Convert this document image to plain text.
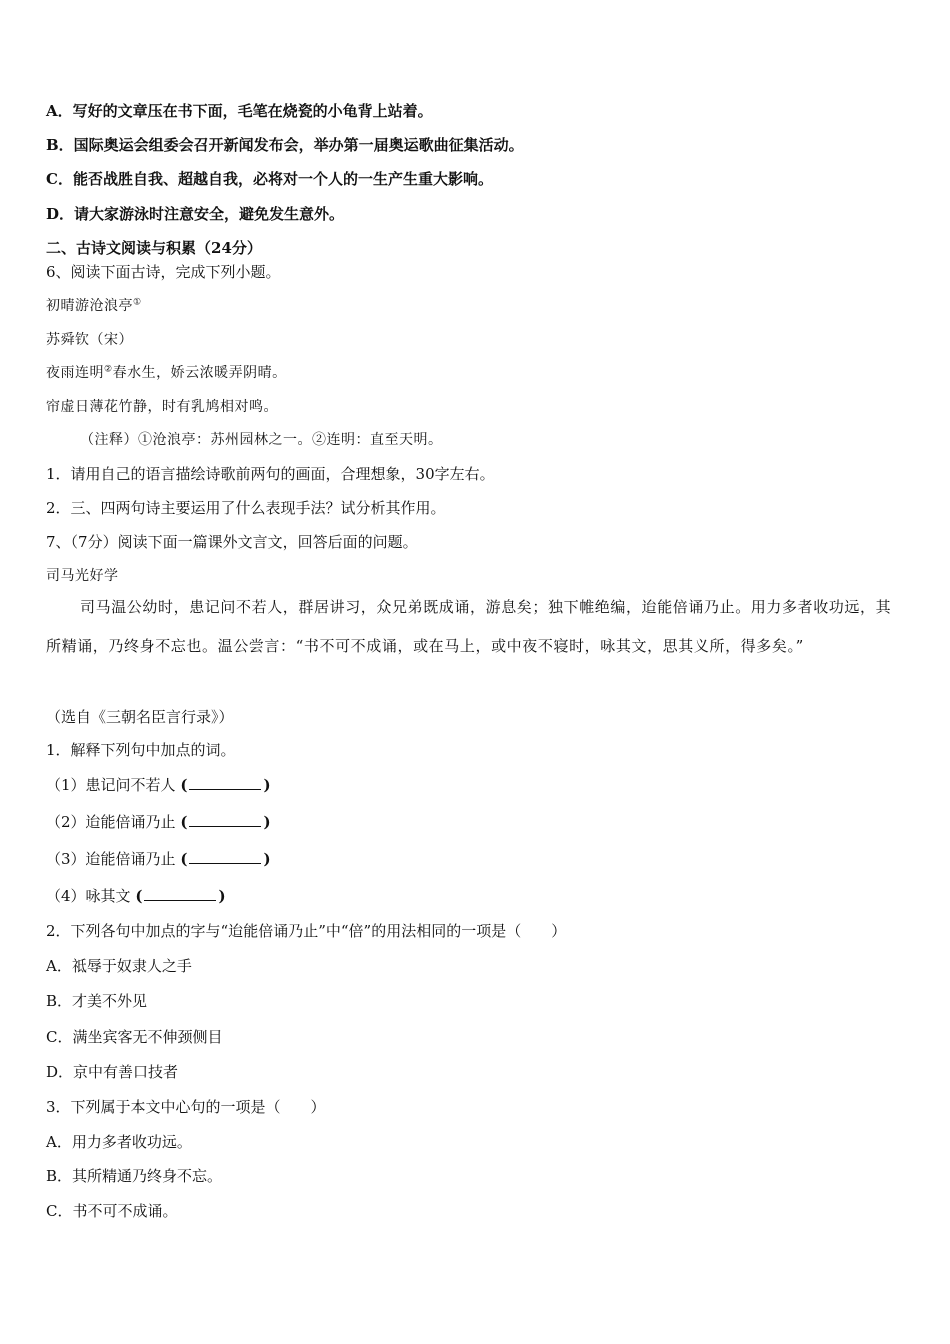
A．写好的文章压在书下面，毛笔在烧瓷的小龟背上站着。
B．国际奥运会组委会召开新闻发布会，举办第一届奥运歌曲征集活动。
C．能否战胜自我、超越自我，必将对一个人的一生产生重大影响。
D．请大家游泳时注意安全，避免发生意外。
二、古诗文阅读与积累（24分）
6、阅读下面古诗，完成下列小题。
初晴游沧浪亭①
苏舜钦（宋）
夜雨连明②春水生，娇云浓暖弄阴晴。
帘虚日薄花竹静，时有乳鸠相对鸣。
（注释）①沧浪亭：苏州园林之一。②连明：直至天明。
1．请用自己的语言描绘诗歌前两句的画面，合理想象，30字左右。
2．三、四两句诗主要运用了什么表现手法？试分析其作用。
7、（7分）阅读下面一篇课外文言文，回答后面的问题。
司马光好学
司马温公幼时，患记问不若人，群居讲习，众兄弟既成诵，游息矣；独下帷绝编，迨能倍诵乃止。用力多者收功远，其所精诵，乃终身不忘也。温公尝言：“书不可不成诵，或在马上，或中夜不寝时，咏其文，思其义所，得多矣。”
（选自《三朝名臣言行录》）
1．解释下列句中加点的词。
（1）患记问不若人 (	)
（2）迨能倍诵乃止 (	)
（3）迨能倍诵乃止 (	)
（4）咏其文 (	)
2．下列各句中加点的字与“迨能倍诵乃止”中“倍”的用法相同的一项是（　　）
A．祗辱于奴隶人之手
B．才美不外见
C．满坐宾客无不伸颈侧目
D．京中有善口技者
3．下列属于本文中心句的一项是（　　）
A．用力多者收功远。
B．其所精通乃终身不忘。
C．书不可不成诵。
